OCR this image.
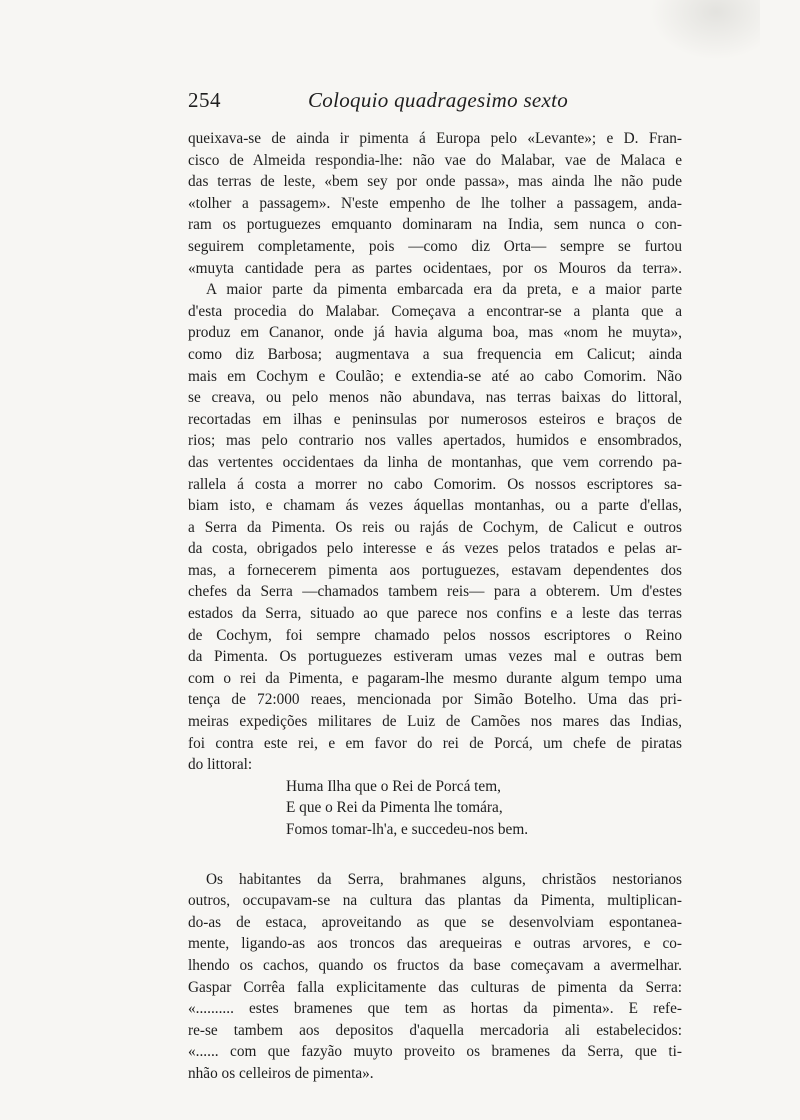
254	Coloquio quadragesimo sexto
queixava-se de ainda ir pimenta á Europa pelo «Levante»; e D. Fran-
cisco de Almeida respondia-lhe: não vae do Malabar, vae de Malaca e
das terras de leste, «bem sey por onde passa», mas ainda lhe não pude
«tolher a passagem». N'este empenho de lhe tolher a passagem, anda-
ram os portuguezes emquanto dominaram na India, sem nunca o con-
seguirem completamente, pois —como diz Orta— sempre se furtou
«muyta cantidade pera as partes ocidentaes, por os Mouros da terra».
A maior parte da pimenta embarcada era da preta, e a maior parte
d'esta procedia do Malabar. Começava a encontrar-se a planta que a
produz em Cananor, onde já havia alguma boa, mas «nom he muyta»,
como diz Barbosa; augmentava a sua frequencia em Calicut; ainda
mais em Cochym e Coulão; e extendia-se até ao cabo Comorim. Não
se creava, ou pelo menos não abundava, nas terras baixas do littoral,
recortadas em ilhas e peninsulas por numerosos esteiros e braços de
rios; mas pelo contrario nos valles apertados, humidos e ensombrados,
das vertentes occidentaes da linha de montanhas, que vem correndo pa-
rallela á costa a morrer no cabo Comorim. Os nossos escriptores sa-
biam isto, e chamam ás vezes áquellas montanhas, ou a parte d'ellas,
a Serra da Pimenta. Os reis ou rajás de Cochym, de Calicut e outros
da costa, obrigados pelo interesse e ás vezes pelos tratados e pelas ar-
mas, a fornecerem pimenta aos portuguezes, estavam dependentes dos
chefes da Serra —chamados tambem reis— para a obterem. Um d'estes
estados da Serra, situado ao que parece nos confins e a leste das terras
de Cochym, foi sempre chamado pelos nossos escriptores o Reino
da Pimenta. Os portuguezes estiveram umas vezes mal e outras bem
com o rei da Pimenta, e pagaram-lhe mesmo durante algum tempo uma
tença de 72:000 reaes, mencionada por Simão Botelho. Uma das pri-
meiras expedições militares de Luiz de Camões nos mares das Indias,
foi contra este rei, e em favor do rei de Porcá, um chefe de piratas
do littoral:
Huma Ilha que o Rei de Porcá tem,
E que o Rei da Pimenta lhe tomára,
Fomos tomar-lh'a, e succedeu-nos bem.
Os habitantes da Serra, brahmanes alguns, christãos nestorianos
outros, occupavam-se na cultura das plantas da Pimenta, multiplican-
do-as de estaca, aproveitando as que se desenvolviam espontanea-
mente, ligando-as aos troncos das arequeiras e outras arvores, e co-
lhendo os cachos, quando os fructos da base começavam a avermelhar.
Gaspar Corrêa falla explicitamente das culturas de pimenta da Serra:
«.......... estes bramenes que tem as hortas da pimenta». E refe-
re-se tambem aos depositos d'aquella mercadoria ali estabelecidos:
«...... com que fazyão muyto proveito os bramenes da Serra, que ti-
nhão os celleiros de pimenta».
